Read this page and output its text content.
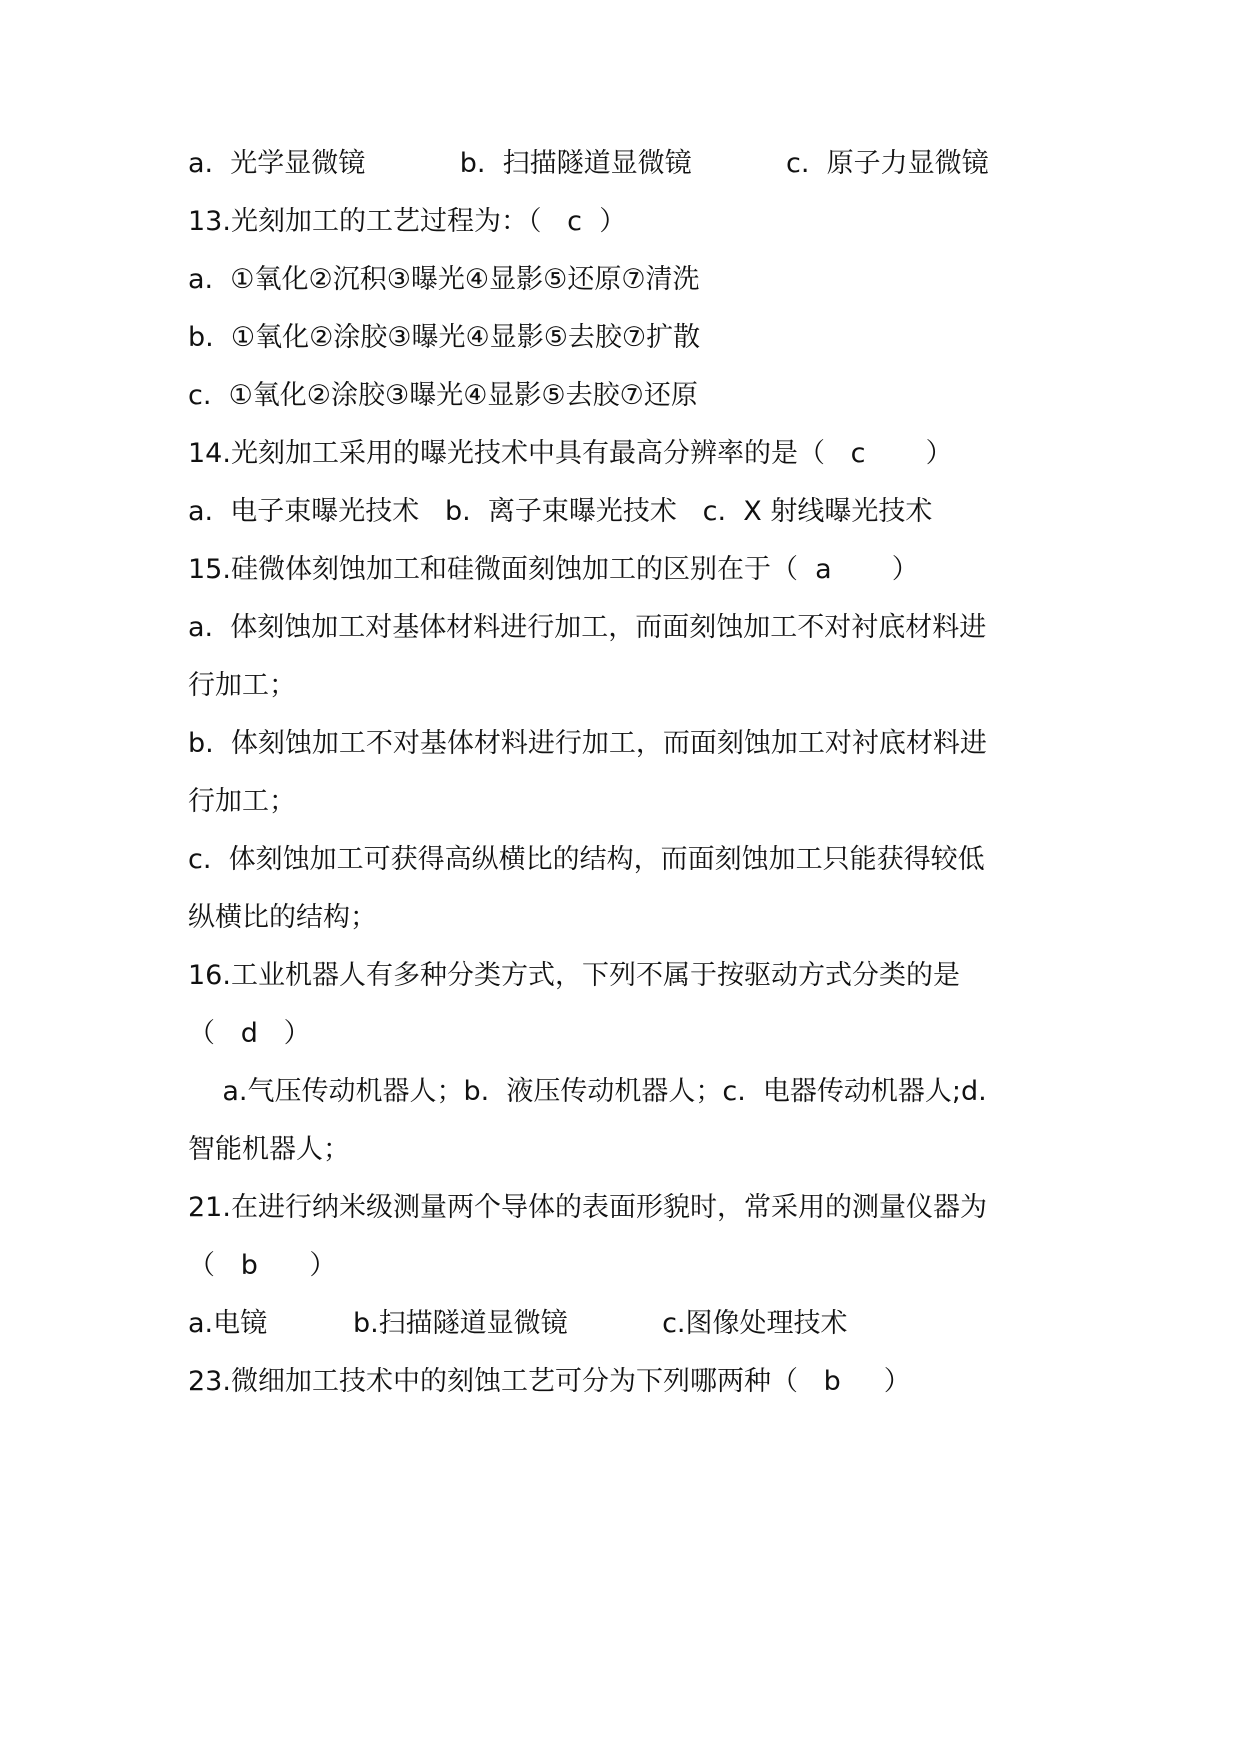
a.  光学显微镜           b.  扫描隧道显微镜           c.  原子力显微镜
13.光刻加工的工艺过程为：（   c  ）
a.  ①氧化②沉积③曝光④显影⑤还原⑦清洗
b.  ①氧化②涂胶③曝光④显影⑤去胶⑦扩散
c.  ①氧化②涂胶③曝光④显影⑤去胶⑦还原
14.光刻加工采用的曝光技术中具有最高分辨率的是（   c       ）
a.  电子束曝光技术   b.  离子束曝光技术   c.  X 射线曝光技术
15.硅微体刻蚀加工和硅微面刻蚀加工的区别在于（  a       ）
a.  体刻蚀加工对基体材料进行加工，而面刻蚀加工不对衬底材料进
行加工；
b.  体刻蚀加工不对基体材料进行加工，而面刻蚀加工对衬底材料进
行加工；
c.  体刻蚀加工可获得高纵横比的结构，而面刻蚀加工只能获得较低
纵横比的结构；
16.工业机器人有多种分类方式，下列不属于按驱动方式分类的是
（   d   ）
a.气压传动机器人；b.  液压传动机器人；c.  电器传动机器人;d.
智能机器人；
21.在进行纳米级测量两个导体的表面形貌时，常采用的测量仪器为
（   b      ）
a.电镜          b.扫描隧道显微镜           c.图像处理技术
23.微细加工技术中的刻蚀工艺可分为下列哪两种（   b     ）
